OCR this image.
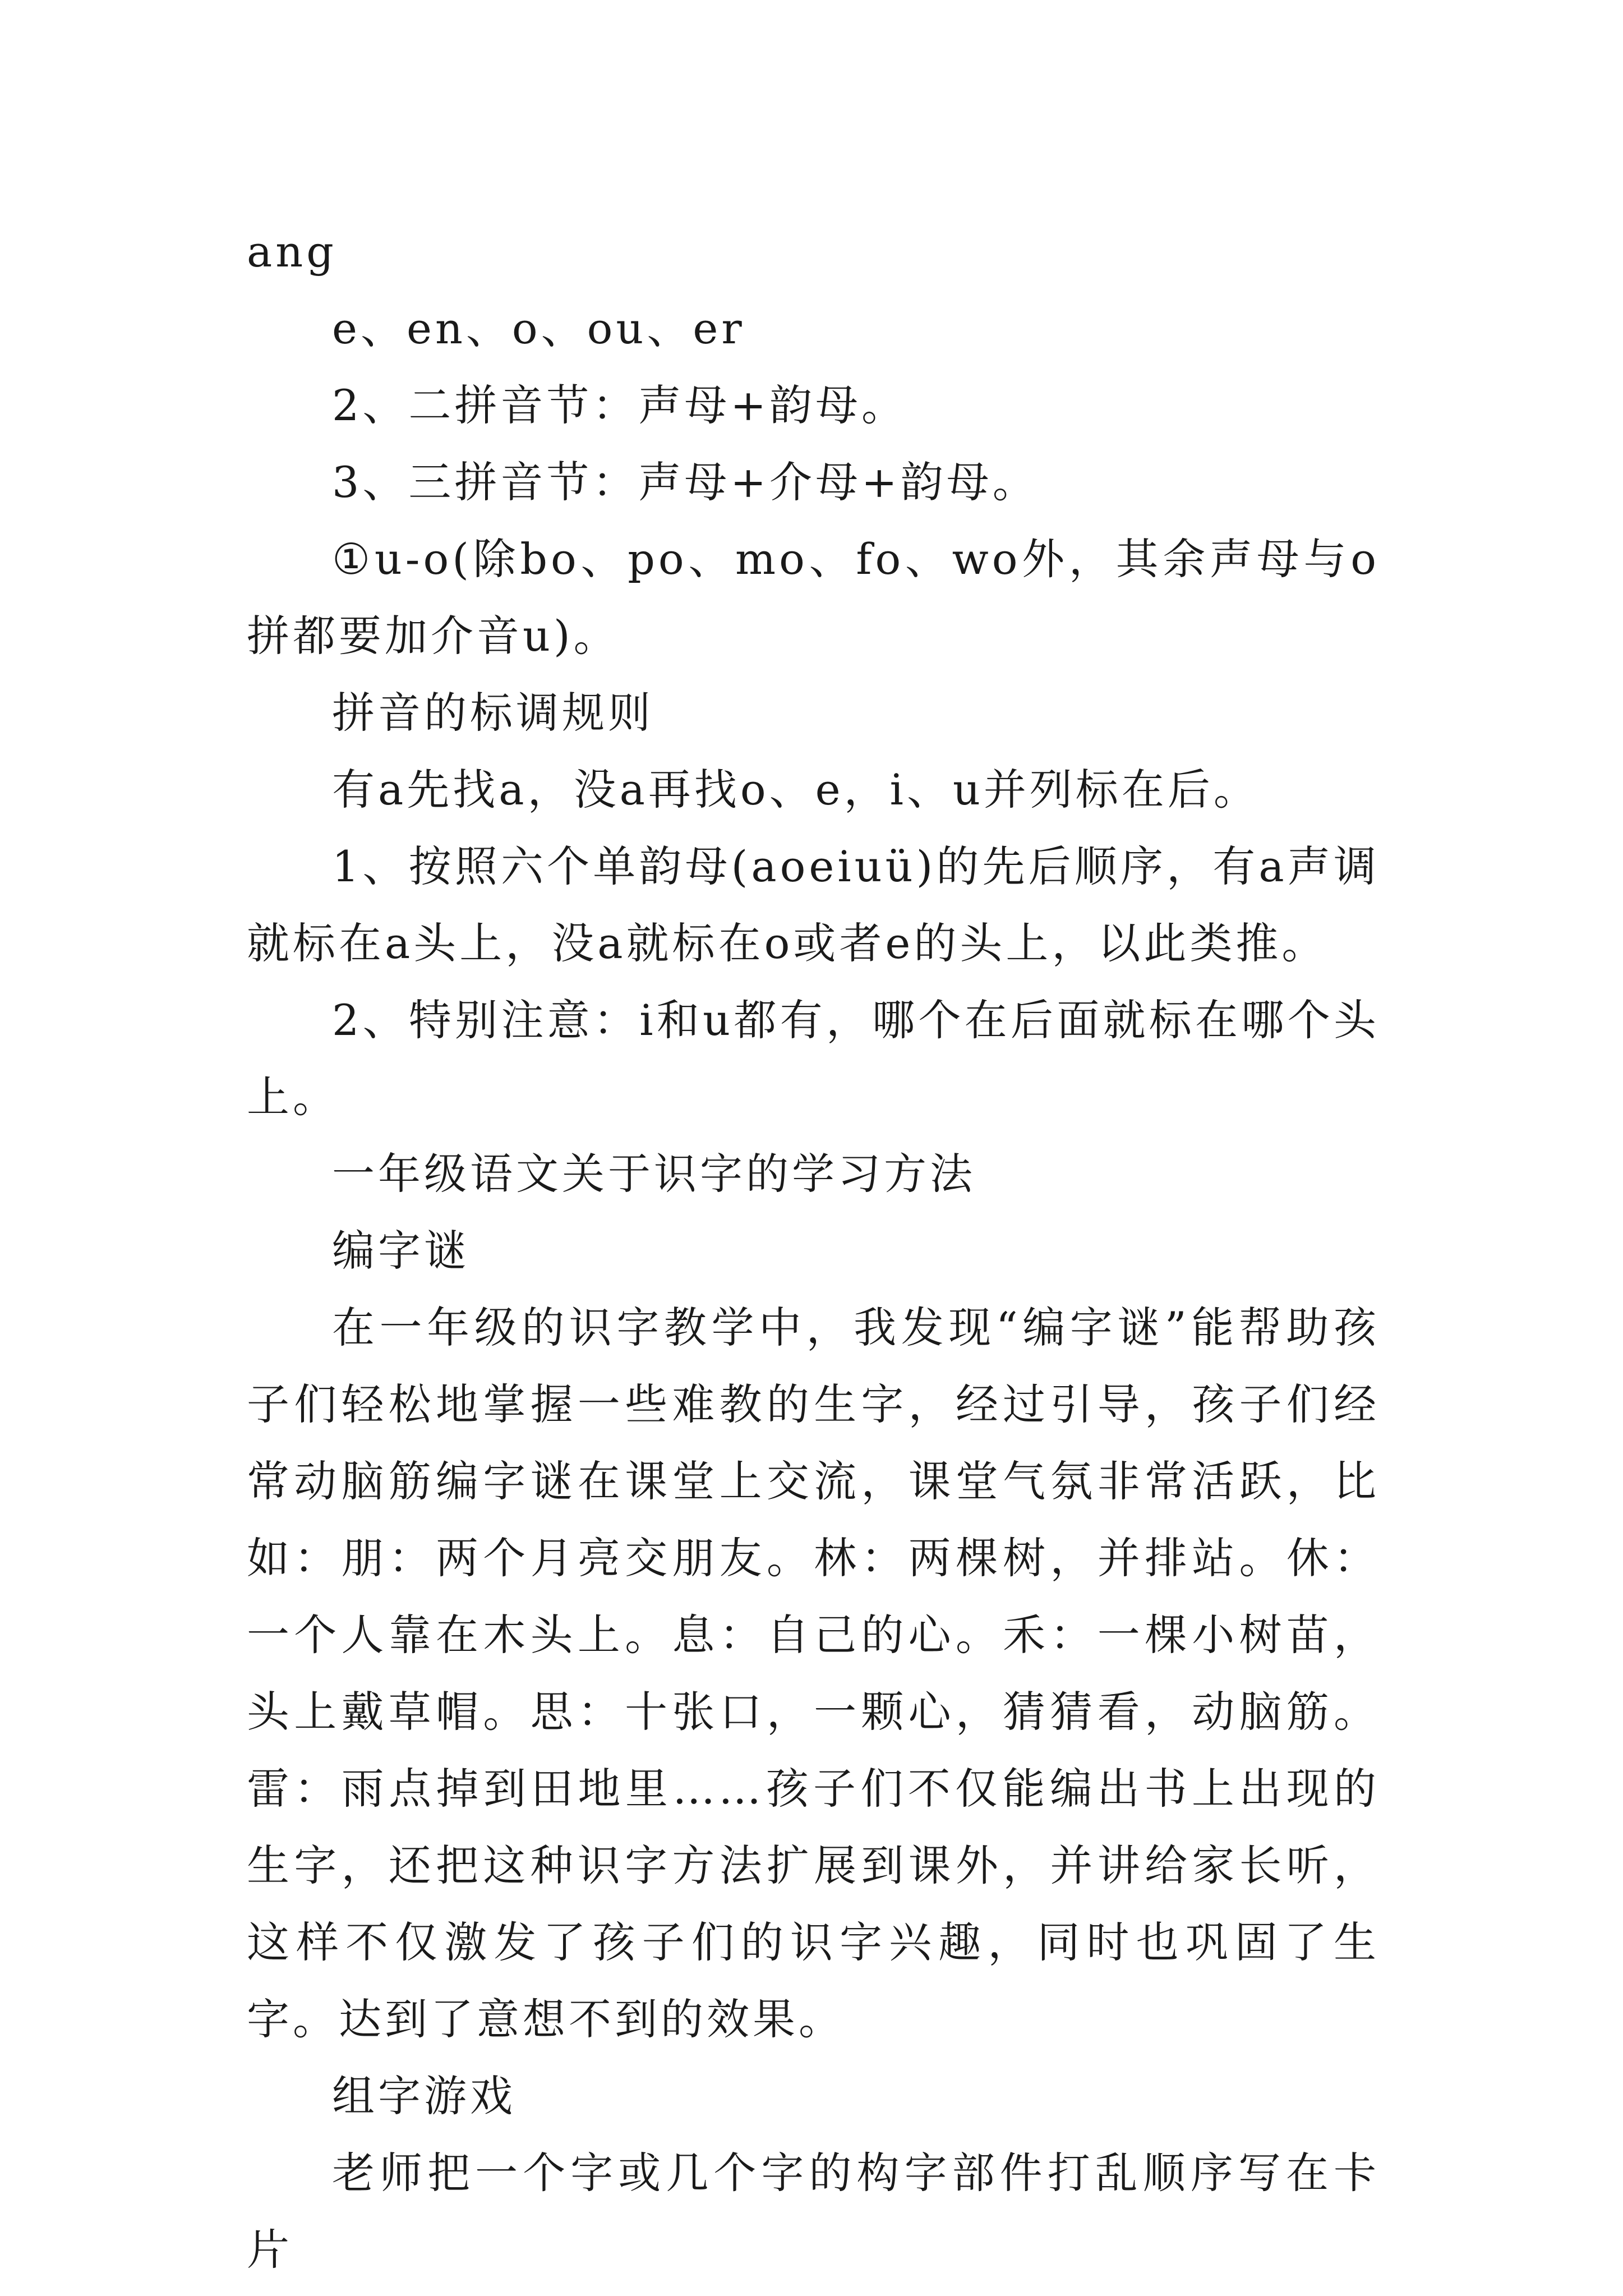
ang

e、en、o、ou、er

2、二拼音节：声母+韵母。

3、三拼音节：声母+介母+韵母。

①u-o(除bo、po、mo、fo、wo外，其余声母与o拼都要加介音u)。

拼音的标调规则

有a先找a，没a再找o、e，i、u并列标在后。

1、按照六个单韵母(aoeiuü)的先后顺序，有a声调就标在a头上，没a就标在o或者e的头上，以此类推。

2、特别注意：i和u都有，哪个在后面就标在哪个头上。

一年级语文关于识字的学习方法

编字谜

在一年级的识字教学中，我发现“编字谜”能帮助孩子们轻松地掌握一些难教的生字，经过引导，孩子们经常动脑筋编字谜在课堂上交流，课堂气氛非常活跃，比如：朋：两个月亮交朋友。林：两棵树，并排站。休：一个人靠在木头上。息：自己的心。禾：一棵小树苗，头上戴草帽。思：十张口，一颗心，猜猜看，动脑筋。雷：雨点掉到田地里……孩子们不仅能编出书上出现的生字，还把这种识字方法扩展到课外，并讲给家长听，这样不仅激发了孩子们的识字兴趣，同时也巩固了生字。达到了意想不到的效果。

组字游戏

老师把一个字或几个字的构字部件打乱顺序写在卡片
